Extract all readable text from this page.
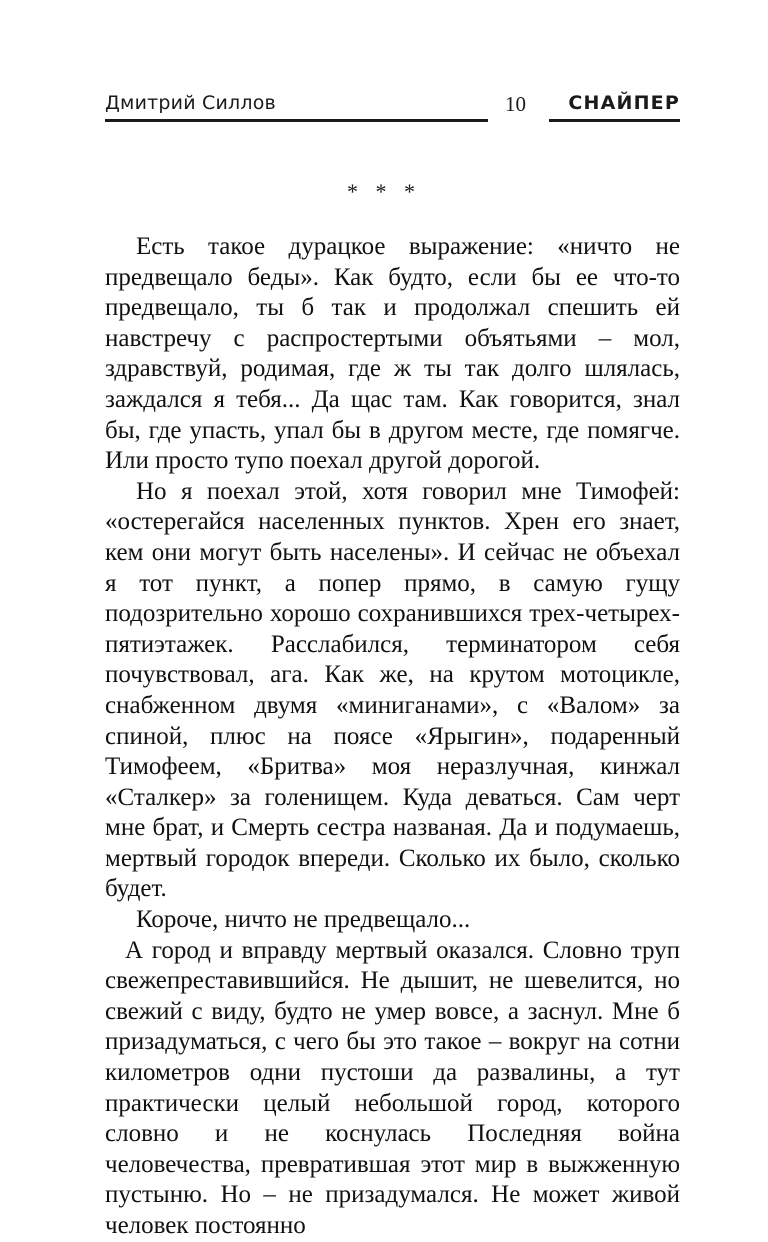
Дмитрий Силлов	10 СНАЙПЕР
* * *

Есть такое дурацкое выражение: «ничто не предвещало беды». Как будто, если бы ее что-то предвещало, ты б так и продолжал спешить ей навстречу с распростертыми объятьями – мол, здравствуй, родимая, где ж ты так долго шлялась, заждался я тебя... Да щас там. Как говорится, знал бы, где упасть, упал бы в другом месте, где помягче. Или просто тупо поехал другой дорогой.

Но я поехал этой, хотя говорил мне Тимофей: «остерегайся населенных пунктов. Хрен его знает, кем они могут быть населены». И сейчас не объехал я тот пункт, а попер прямо, в самую гущу подозрительно хорошо сохранившихся трех-четырех-пятиэтажек. Расслабился, терминатором себя почувствовал, ага. Как же, на крутом мотоцикле, снабженном двумя «миниганами», с «Валом» за спиной, плюс на поясе «Ярыгин», подаренный Тимофеем, «Бритва» моя неразлучная, кинжал «Сталкер» за голенищем. Куда деваться. Сам черт мне брат, и Смерть сестра названая. Да и подумаешь, мертвый городок впереди. Сколько их было, сколько будет.

Короче, ничто не предвещало...

А город и вправду мертвый оказался. Словно труп свежепреставившийся. Не дышит, не шевелится, но свежий с виду, будто не умер вовсе, а заснул. Мне б призадуматься, с чего бы это такое – вокруг на сотни километров одни пустоши да развалины, а тут практически целый небольшой город, которого словно и не коснулась Последняя война человечества, превратившая этот мир в выжженную пустыню. Но – не призадумался. Не может живой человек постоянно
